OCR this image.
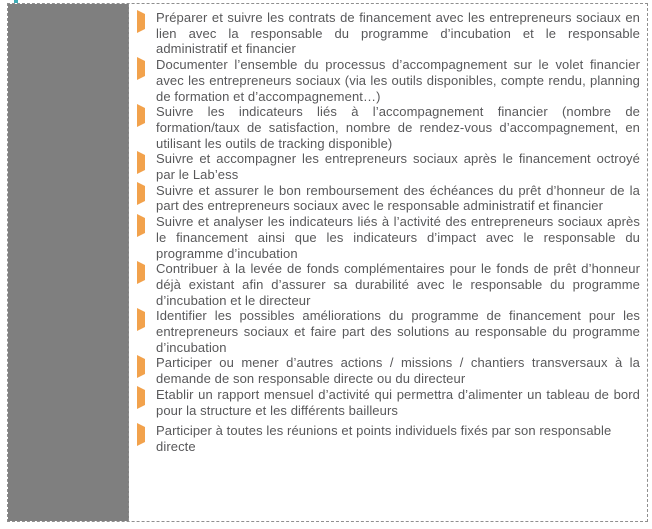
Préparer et suivre les contrats de financement avec les entrepreneurs sociaux en lien avec la responsable du programme d’incubation et le responsable administratif et financier
Documenter l’ensemble du processus d’accompagnement sur le volet financier avec les entrepreneurs sociaux (via les outils disponibles, compte rendu, planning de formation et d’accompagnement…)
Suivre les indicateurs liés à l’accompagnement financier (nombre de formation/taux de satisfaction, nombre de rendez-vous d’accompagnement, en utilisant les outils de tracking disponible)
Suivre et accompagner les entrepreneurs sociaux après le financement octroyé par le Lab’ess
Suivre et assurer le bon remboursement des échéances du prêt d’honneur de la part des entrepreneurs sociaux avec le responsable administratif et financier
Suivre et analyser les indicateurs liés à l’activité des entrepreneurs sociaux après le financement ainsi que les indicateurs d’impact avec le responsable du programme d’incubation
Contribuer à la levée de fonds complémentaires pour le fonds de prêt d’honneur déjà existant afin d’assurer sa durabilité avec le responsable du programme d’incubation et le directeur
Identifier les possibles améliorations du programme de financement pour les entrepreneurs sociaux et faire part des solutions au responsable du programme d’incubation
Participer ou mener d’autres actions / missions / chantiers transversaux à la demande de son responsable directe ou du directeur
Etablir un rapport mensuel d’activité qui permettra d’alimenter un tableau de bord pour la structure et les différents bailleurs
Participer à toutes les réunions et points individuels fixés par son responsable directe
